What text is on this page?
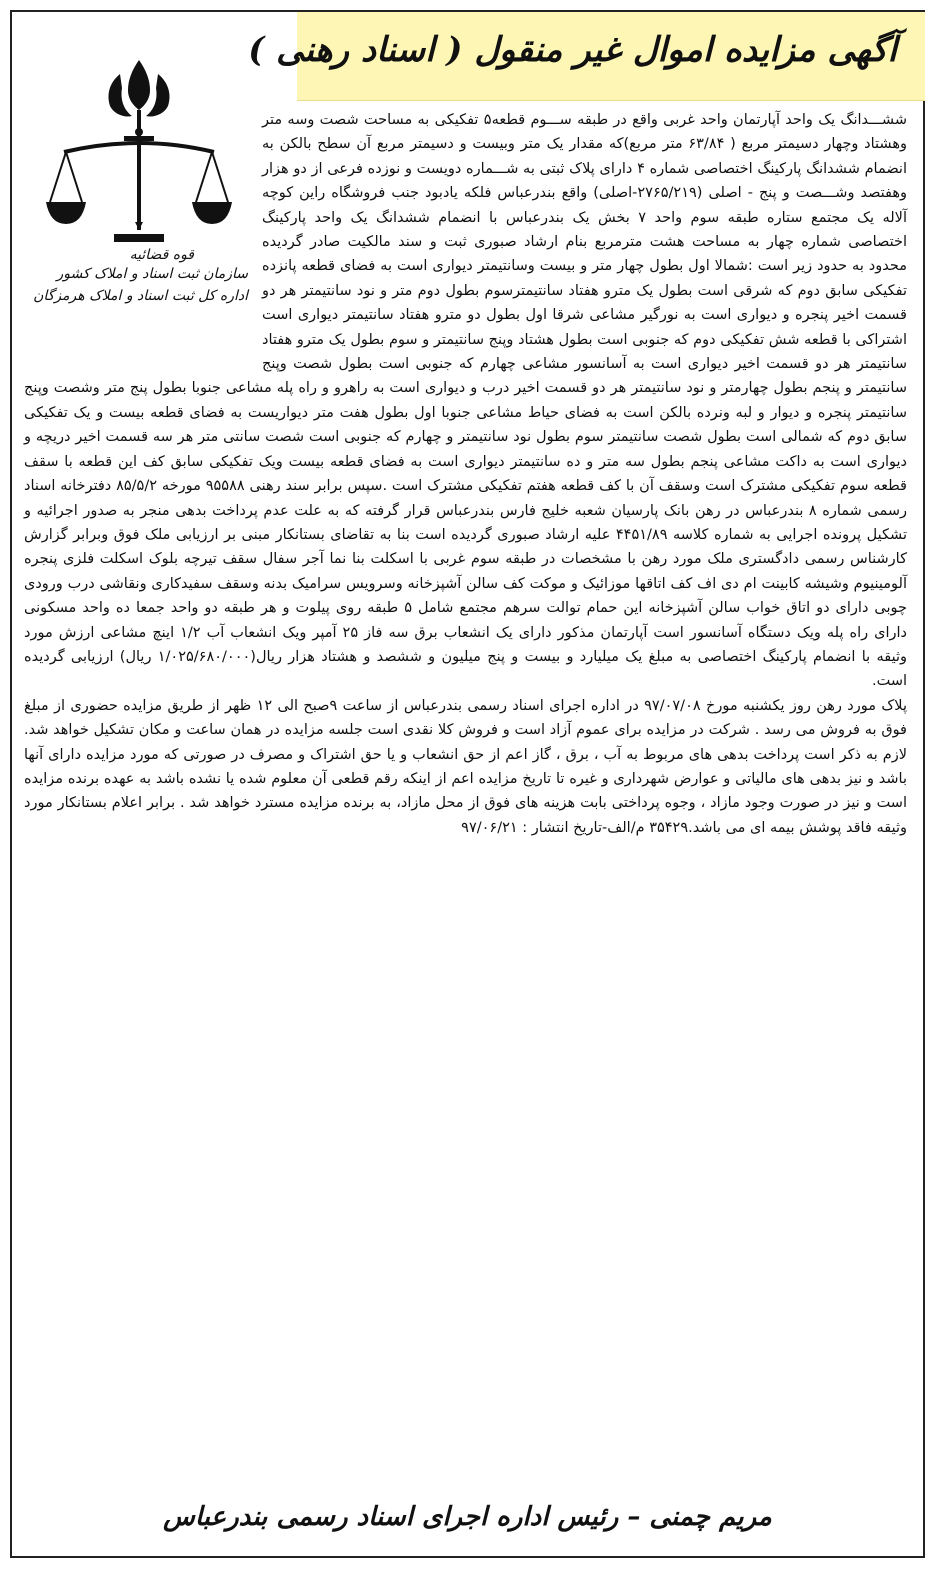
آگهی مزایده اموال غیر منقول ( اسناد رهنی )
قوه قضائیه
سازمان ثبت اسناد و املاک کشور
اداره کل ثبت اسناد و املاک هرمزگان

ششـــدانگ یک واحد آپارتمان واحد غربی واقع در طبقه ســـوم قطعه۵ تفکیکی به مساحت شصت وسه متر وهشتاد وچهار دسیمتر مربع ( ۶۳/۸۴ متر مربع)که مقدار یک متر وبیست و دسیمتر مربع آن سطح بالکن به انضمام ششدانگ پارکینگ اختصاصی شماره ۴ دارای پلاک ثبتی به شـــماره دویست و نوزده فرعی از دو هزار وهفتصد وشـــصت و پنج - اصلی (۲۷۶۵/۲۱۹-اصلی) واقع بندرعباس فلکه یادبود جنب فروشگاه راین کوچه آلاله یک مجتمع ستاره طبقه سوم واحد ۷ بخش یک بندرعباس با انضمام ششدانگ یک واحد پارکینگ اختصاصی شماره چهار به مساحت هشت مترمربع بنام ارشاد صبوری ثبت و سند مالکیت صادر گردیده محدود به حدود زیر است :شمالا اول بطول چهار متر و بیست وسانتیمتر دیواری است به فضای قطعه پانزده تفکیکی سابق دوم که شرقی است بطول یک مترو هفتاد سانتیمترسوم بطول دوم متر و نود سانتیمتر هر دو قسمت اخیر پنجره و دیواری است به نورگیر مشاعی شرقا اول بطول دو مترو هفتاد سانتیمتر دیواری است اشتراکی با قطعه شش تفکیکی دوم که جنوبی است بطول هشتاد وپنج سانتیمتر و سوم بطول یک مترو هفتاد سانتیمتر هر دو قسمت اخیر دیواری است به آسانسور مشاعی چهارم که جنوبی است بطول شصت وپنج سانتیمتر و پنجم بطول چهارمتر و نود سانتیمتر هر دو قسمت اخیر درب و دیواری است به راهرو و راه پله مشاعی جنوبا بطول پنج متر وشصت وپنج سانتیمتر پنجره و دیوار و لبه ونرده بالکن است به فضای حیاط مشاعی جنوبا اول بطول هفت متر دیواریست به فضای قطعه بیست و یک تفکیکی سابق دوم که شمالی است بطول شصت سانتیمتر سوم بطول نود سانتیمتر و چهارم که جنوبی است شصت سانتی متر هر سه قسمت اخیر دریچه و دیواری است به داکت مشاعی پنجم بطول سه متر و ده سانتیمتر دیواری است به فضای قطعه بیست ویک تفکیکی سابق کف این قطعه با سقف قطعه سوم تفکیکی مشترک است وسقف آن با کف قطعه هفتم تفکیکی مشترک است .سپس برابر سند رهنی ۹۵۵۸۸ مورخه ۸۵/۵/۲ دفترخانه اسناد رسمی شماره ۸ بندرعباس در رهن بانک پارسیان شعبه خلیج فارس بندرعباس قرار گرفته که به علت عدم پرداخت بدهی منجر به صدور اجرائیه و تشکیل پرونده اجرایی به شماره کلاسه ۴۴۵۱/۸۹ علیه ارشاد صبوری گردیده است بنا به تقاضای بستانکار مبنی بر ارزیابی ملک فوق وبرابر گزارش کارشناس رسمی دادگستری ملک مورد رهن با مشخصات در طبقه سوم غربی با اسکلت بنا نما آجر سفال سقف تیرچه بلوک اسکلت فلزی پنجره آلومینیوم وشیشه کابینت ام دی اف کف اتاقها موزائیک و موکت کف سالن آشپزخانه وسرویس سرامیک بدنه وسقف سفیدکاری ونقاشی درب ورودی چوبی دارای دو اتاق خواب سالن آشپزخانه این حمام توالت سرهم مجتمع شامل ۵ طبقه روی پیلوت و هر طبقه دو واحد جمعا ده واحد مسکونی دارای راه پله ویک دستگاه آسانسور است آپارتمان مذکور دارای یک انشعاب برق سه فاز ۲۵ آمپر ویک انشعاب آب ۱/۲ اینچ مشاعی ارزش مورد وثیقه با انضمام پارکینگ اختصاصی به مبلغ یک میلیارد و بیست و پنج میلیون و ششصد و هشتاد هزار ریال(۱/۰۲۵/۶۸۰/۰۰۰ ریال) ارزیابی گردیده است.

پلاک مورد رهن روز یکشنبه مورخ ۹۷/۰۷/۰۸ در اداره اجرای اسناد رسمی بندرعباس از ساعت ۹صبح الی ۱۲ ظهر از طریق مزایده حضوری از مبلغ فوق به فروش می رسد . شرکت در مزایده برای عموم آزاد است و فروش کلا نقدی است جلسه مزایده در همان ساعت و مکان تشکیل خواهد شد. لازم به ذکر است پرداخت بدهی های مربوط به آب ، برق ، گاز اعم از حق انشعاب و یا حق اشتراک و مصرف در صورتی که مورد مزایده دارای آنها باشد و نیز بدهی های مالیاتی و عوارض شهرداری و غیره تا تاریخ مزایده اعم از اینکه رقم قطعی آن معلوم شده یا نشده باشد به عهده برنده مزایده است و نیز در صورت وجود مازاد ، وجوه پرداختی بابت هزینه های فوق از محل مازاد، به برنده مزایده مسترد خواهد شد . برابر اعلام بستانکار مورد وثیقه فاقد پوشش بیمه ای می باشد.۳۵۴۲۹ م/الف-تاریخ انتشار : ۹۷/۰۶/۲۱

مریم چمنی – رئیس اداره اجرای اسناد رسمی بندرعباس
